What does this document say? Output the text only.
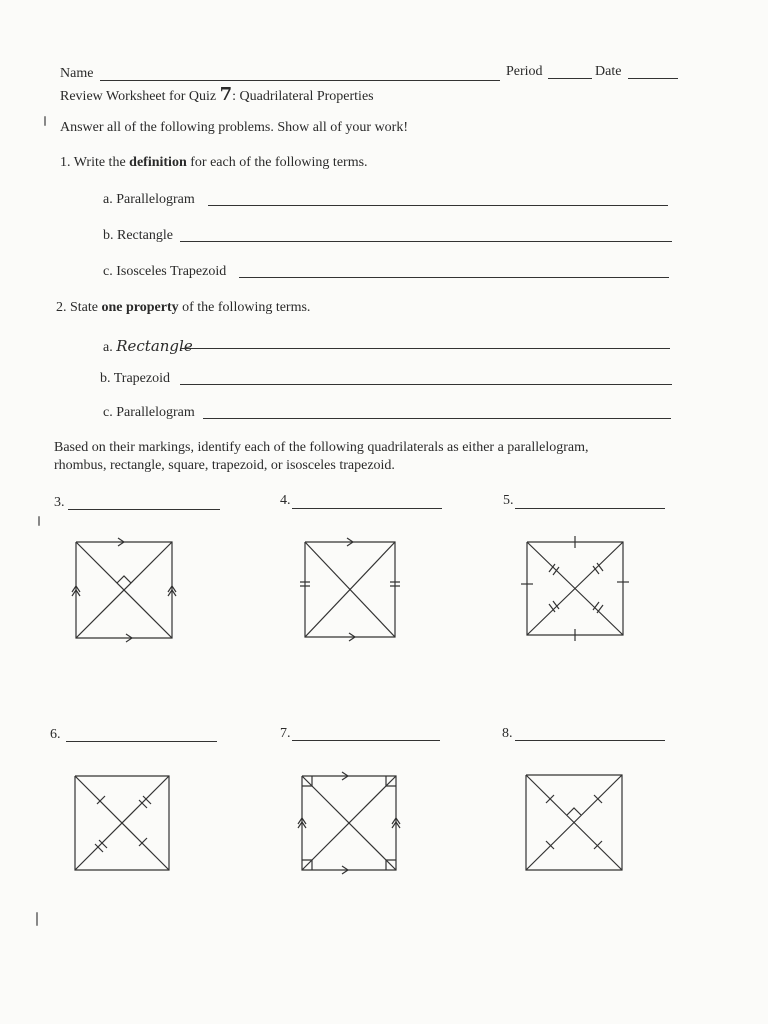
Name	Period	Date
Review Worksheet for Quiz 7: Quadrilateral Properties
Answer all of the following problems. Show all of your work!
1. Write the definition for each of the following terms.
a. Parallelogram
b. Rectangle
c. Isosceles Trapezoid
2. State one property of the following terms.
a. Rectangle
b. Trapezoid
c. Parallelogram
Based on their markings, identify each of the following quadrilaterals as either a parallelogram,
rhombus, rectangle, square, trapezoid, or isosceles trapezoid.
3.	4.	5.
6.	7.	8.
